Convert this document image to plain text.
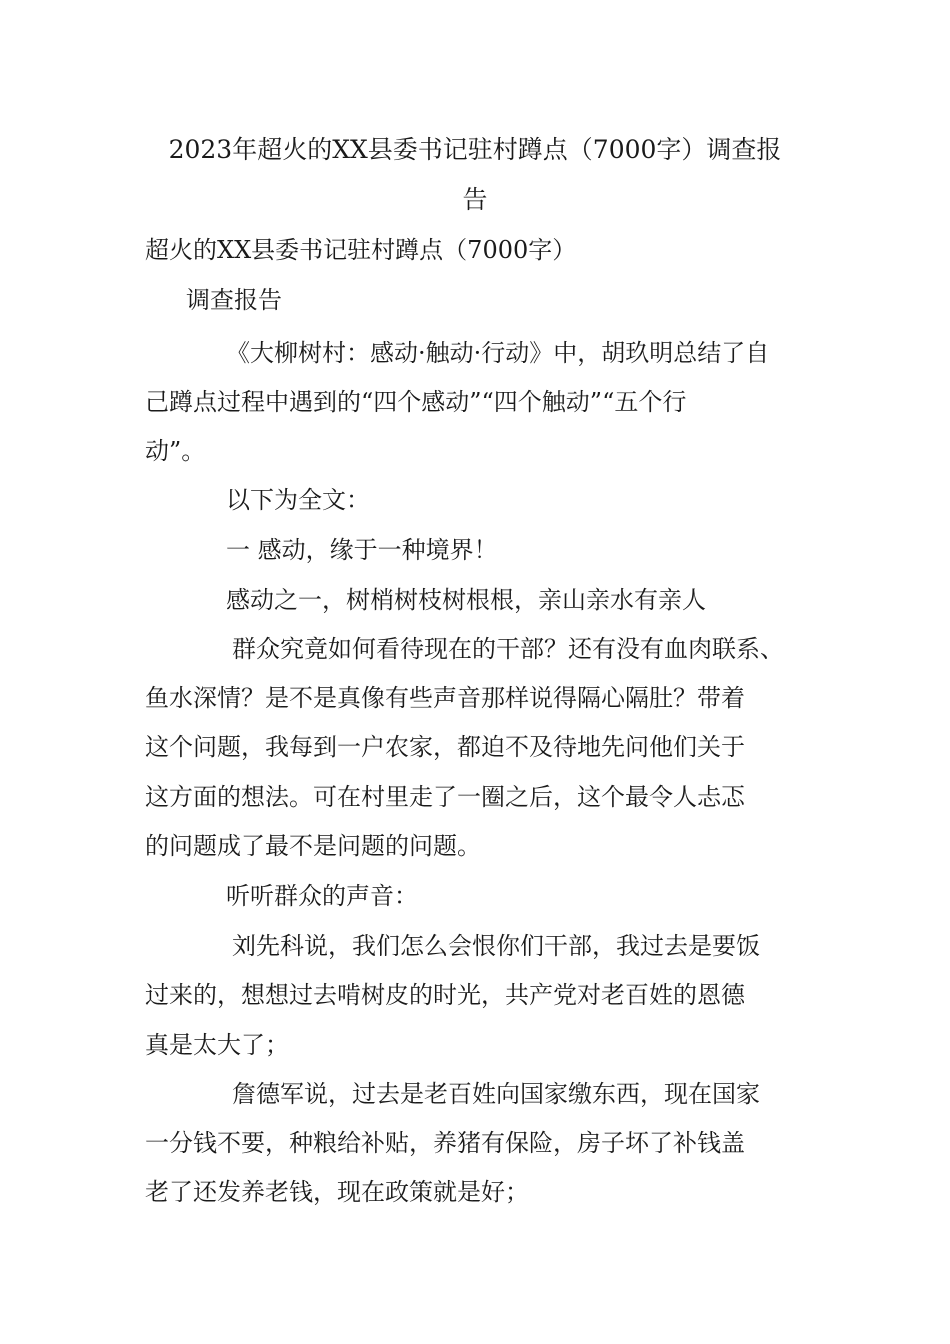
2023年超火的XX县委书记驻村蹲点（7000字）调查报
告

超火的XX县委书记驻村蹲点（7000字）

调查报告

《大柳树村：感动·触动·行动》中，胡玖明总结了自

己蹲点过程中遇到的“四个感动”“四个触动”“五个行

动”。

以下为全文：

一 感动，缘于一种境界！

感动之一，树梢树枝树根根，亲山亲水有亲人

群众究竟如何看待现在的干部？还有没有血肉联系、

鱼水深情？是不是真像有些声音那样说得隔心隔肚？带着

这个问题，我每到一户农家，都迫不及待地先问他们关于

这方面的想法。可在村里走了一圈之后，这个最令人忐忑

的问题成了最不是问题的问题。

听听群众的声音：

刘先科说，我们怎么会恨你们干部，我过去是要饭

过来的，想想过去啃树皮的时光，共产党对老百姓的恩德

真是太大了；

詹德军说，过去是老百姓向国家缴东西，现在国家

一分钱不要，种粮给补贴，养猪有保险，房子坏了补钱盖

老了还发养老钱，现在政策就是好；
